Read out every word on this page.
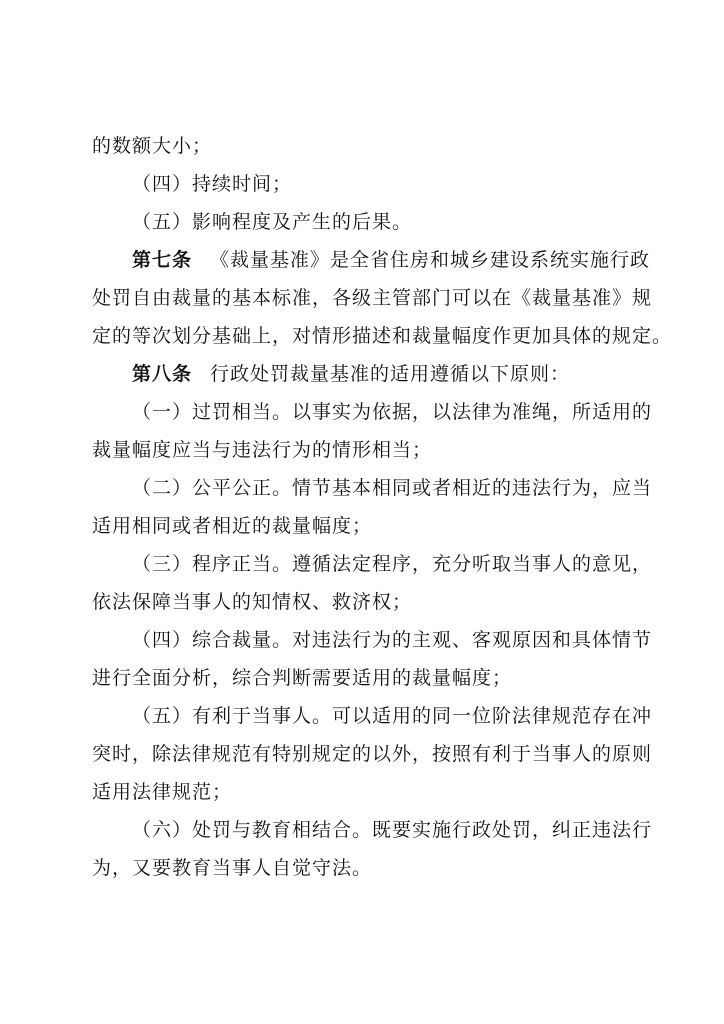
的数额大小；
（四）持续时间；
（五）影响程度及产生的后果。
第七条 《裁量基准》是全省住房和城乡建设系统实施行政
处罚自由裁量的基本标准，各级主管部门可以在《裁量基准》规
定的等次划分基础上，对情形描述和裁量幅度作更加具体的规定。
第八条 行政处罚裁量基准的适用遵循以下原则：
（一）过罚相当。以事实为依据，以法律为准绳，所适用的
裁量幅度应当与违法行为的情形相当；
（二）公平公正。情节基本相同或者相近的违法行为，应当
适用相同或者相近的裁量幅度；
（三）程序正当。遵循法定程序，充分听取当事人的意见，
依法保障当事人的知情权、救济权；
（四）综合裁量。对违法行为的主观、客观原因和具体情节
进行全面分析，综合判断需要适用的裁量幅度；
（五）有利于当事人。可以适用的同一位阶法律规范存在冲
突时，除法律规范有特别规定的以外，按照有利于当事人的原则
适用法律规范；
（六）处罚与教育相结合。既要实施行政处罚，纠正违法行
为，又要教育当事人自觉守法。
